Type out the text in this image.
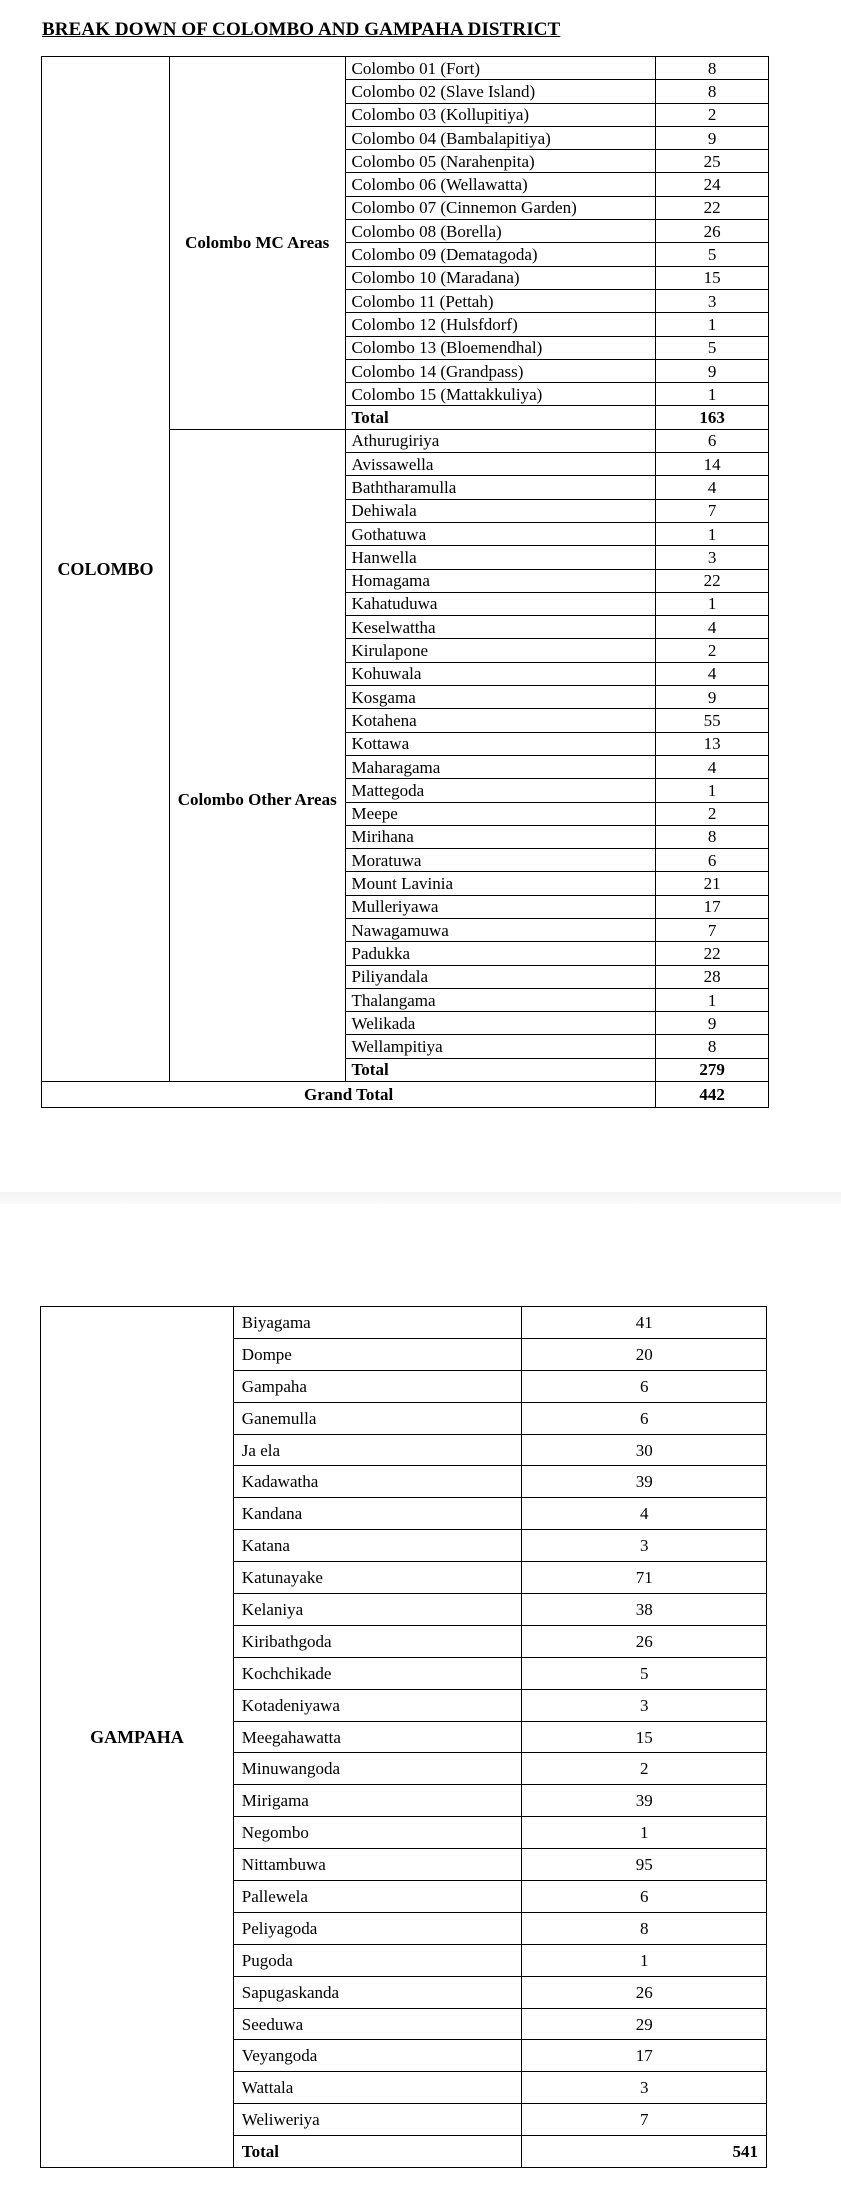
BREAK DOWN OF COLOMBO AND GAMPAHA DISTRICT
COLOMBO	Colombo MC Areas	Colombo 01 (Fort)	8
		Colombo 02 (Slave Island)	8
		Colombo 03 (Kollupitiya)	2
		Colombo 04 (Bambalapitiya)	9
		Colombo 05 (Narahenpita)	25
		Colombo 06 (Wellawatta)	24
		Colombo 07 (Cinnemon Garden)	22
		Colombo 08 (Borella)	26
		Colombo 09 (Dematagoda)	5
		Colombo 10 (Maradana)	15
		Colombo 11 (Pettah)	3
		Colombo 12 (Hulsfdorf)	1
		Colombo 13 (Bloemendhal)	5
		Colombo 14 (Grandpass)	9
		Colombo 15 (Mattakkuliya)	1
		Total	163
	Colombo Other Areas	Athurugiriya	6
		Avissawella	14
		Baththaramulla	4
		Dehiwala	7
		Gothatuwa	1
		Hanwella	3
		Homagama	22
		Kahatuduwa	1
		Keselwattha	4
		Kirulapone	2
		Kohuwala	4
		Kosgama	9
		Kotahena	55
		Kottawa	13
		Maharagama	4
		Mattegoda	1
		Meepe	2
		Mirihana	8
		Moratuwa	6
		Mount Lavinia	21
		Mulleriyawa	17
		Nawagamuwa	7
		Padukka	22
		Piliyandala	28
		Thalangama	1
		Welikada	9
		Wellampitiya	8
		Total	279
Grand Total			442
GAMPAHA	Biyagama	41
	Dompe	20
	Gampaha	6
	Ganemulla	6
	Ja ela	30
	Kadawatha	39
	Kandana	4
	Katana	3
	Katunayake	71
	Kelaniya	38
	Kiribathgoda	26
	Kochchikade	5
	Kotadeniyawa	3
	Meegahawatta	15
	Minuwangoda	2
	Mirigama	39
	Negombo	1
	Nittambuwa	95
	Pallewela	6
	Peliyagoda	8
	Pugoda	1
	Sapugaskanda	26
	Seeduwa	29
	Veyangoda	17
	Wattala	3
	Weliweriya	7
	Total	541
